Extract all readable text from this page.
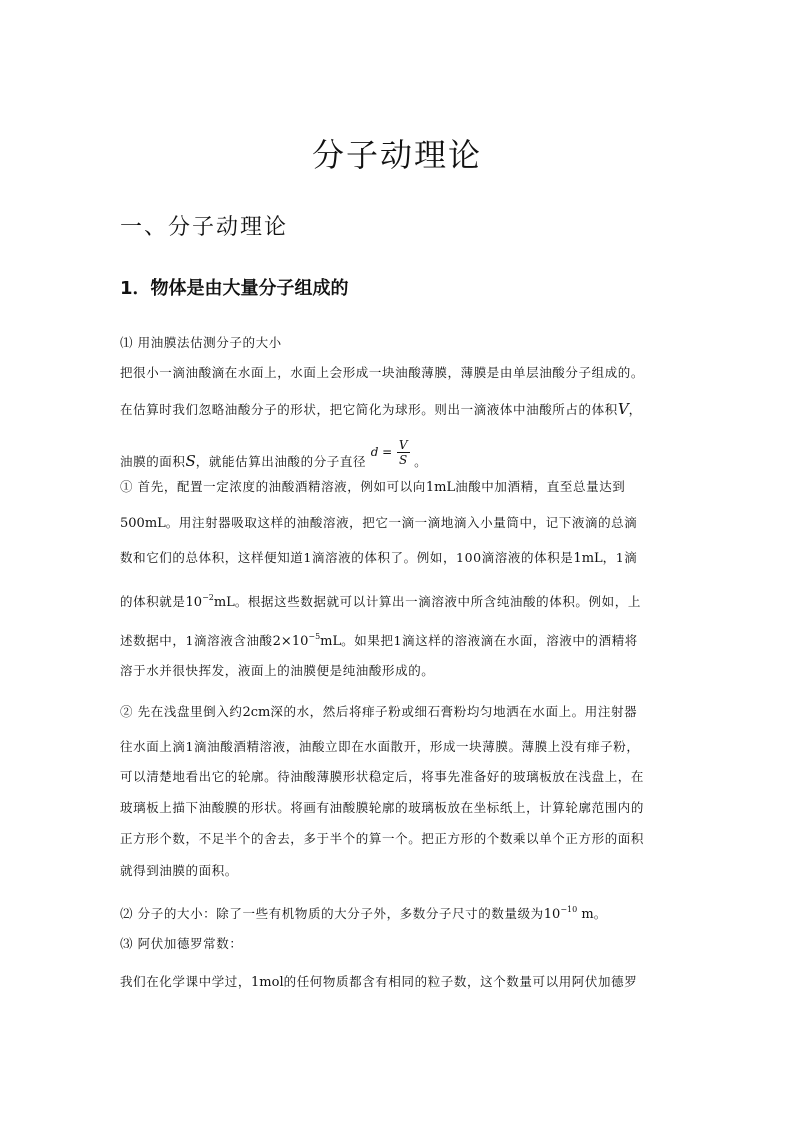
分子动理论
一、分子动理论
1．物体是由大量分子组成的
⑴ 用油膜法估测分子的大小
把很小一滴油酸滴在水面上，水面上会形成一块油酸薄膜，薄膜是由单层油酸分子组成的。
在估算时我们忽略油酸分子的形状，把它简化为球形。则出一滴液体中油酸所占的体积V，
油膜的面积S，就能估算出油酸的分子直径 $d = \frac{V}{S}$ 。
① 首先，配置一定浓度的油酸酒精溶液，例如可以向1mL油酸中加酒精，直至总量达到
500mL。用注射器吸取这样的油酸溶液，把它一滴一滴地滴入小量筒中，记下液滴的总滴
数和它们的总体积，这样便知道1滴溶液的体积了。例如，100滴溶液的体积是1mL，1滴
的体积就是$10^{-2}mL$。根据这些数据就可以计算出一滴溶液中所含纯油酸的体积。例如，上
述数据中，1滴溶液含油酸$2\times 10^{-5}mL$。如果把1滴这样的溶液滴在水面，溶液中的酒精将
溶于水并很快挥发，液面上的油膜便是纯油酸形成的。
② 先在浅盘里倒入约2cm深的水，然后将痱子粉或细石膏粉均匀地洒在水面上。用注射器
往水面上滴1滴油酸酒精溶液，油酸立即在水面散开，形成一块薄膜。薄膜上没有痱子粉，
可以清楚地看出它的轮廓。待油酸薄膜形状稳定后，将事先准备好的玻璃板放在浅盘上，在
玻璃板上描下油酸膜的形状。将画有油酸膜轮廓的玻璃板放在坐标纸上，计算轮廓范围内的
正方形个数，不足半个的舍去，多于半个的算一个。把正方形的个数乘以单个正方形的面积
就得到油膜的面积。
⑵ 分子的大小：除了一些有机物质的大分子外，多数分子尺寸的数量级为$10^{-10}$ m。
⑶ 阿伏加德罗常数：
我们在化学课中学过，1mol的任何物质都含有相同的粒子数，这个数量可以用阿伏加德罗
